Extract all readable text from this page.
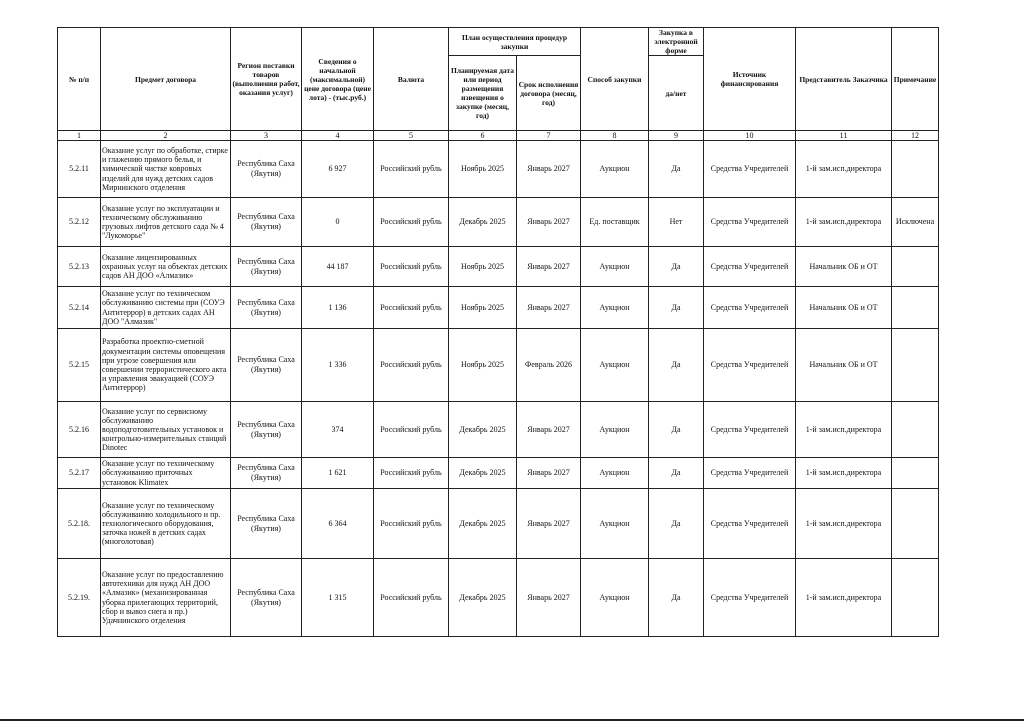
№ п/п	Предмет договора	Регион поставки товаров (выполнения работ, оказания услуг)	Сведения о начальной (максимальной) цене договора (цене лота) - (тыс.руб.)	Валюта	План осуществления процедур закупки		Способ закупки	Закупка в электронной форме	Источник финансирования	Представитель Заказчика	Примечание
					Планируемая дата или период размещения извещения о закупке (месяц, год)	Срок исполнения договора (месяц, год)		да/нет			
1	2	3	4	5	6	7	8	9	10	11	12
5.2.11	Оказание услуг по обработке, стирке и глажению прямого белья, и химической чистке ковровых изделий для нужд детских садов Мирнинского отделения	Республика Саха (Якутия)	6 927	Российский рубль	Ноябрь 2025	Январь 2027	Аукцион	Да	Средства Учредителей	1-й зам.исп.директора	
5.2.12	Оказание услуг по эксплуатации и техническому обслуживанию грузовых лифтов детского сада № 4 "Лукоморье"	Республика Саха (Якутия)	0	Российский рубль	Декабрь 2025	Январь 2027	Ед. поставщик	Нет	Средства Учредителей	1-й зам.исп.директора	Исключена
5.2.13	Оказание лицензированных охранных услуг на объектах детских садов АН ДОО «Алмазик»	Республика Саха (Якутия)	44 187	Российский рубль	Ноябрь 2025	Январь 2027	Аукцион	Да	Средства Учредителей	Начальник ОБ и ОТ	
5.2.14	Оказание услуг по техническом обслуживанию системы при (СОУЭ Антитеррор) в детских садах АН ДОО "Алмазик"	Республика Саха (Якутия)	1 136	Российский рубль	Ноябрь 2025	Январь 2027	Аукцион	Да	Средства Учредителей	Начальник ОБ и ОТ	
5.2.15	Разработка проектно-сметной документации системы оповещения при угрозе совершения или совершении террористического акта и управления эвакуацией (СОУЭ Антитеррор)	Республика Саха (Якутия)	1 336	Российский рубль	Ноябрь 2025	Февраль 2026	Аукцион	Да	Средства Учредителей	Начальник ОБ и ОТ	
5.2.16	Оказание услуг по сервисному обслуживанию водоподготовительных установок и контрольно-измерительных станций Dinotec	Республика Саха (Якутия)	374	Российский рубль	Декабрь 2025	Январь 2027	Аукцион	Да	Средства Учредителей	1-й зам.исп.директора	
5.2.17	Оказание услуг по техническому обслуживанию приточных установок Klimatex	Республика Саха (Якутия)	1 621	Российский рубль	Декабрь 2025	Январь 2027	Аукцион	Да	Средства Учредителей	1-й зам.исп.директора	
5.2.18.	Оказание услуг по техническому обслуживанию холодильного и пр. технологического оборудования, заточка ножей в детских садах (многолотовая)	Республика Саха (Якутия)	6 364	Российский рубль	Декабрь 2025	Январь 2027	Аукцион	Да	Средства Учредителей	1-й зам.исп.директора	
5.2.19.	Оказание услуг по предоставлению автотехники для нужд АН ДОО «Алмазик» (механизированная уборка прилегающих территорий, сбор и вывоз снега и пр.) Удачнинского отделения	Республика Саха (Якутия)	1 315	Российский рубль	Декабрь 2025	Январь 2027	Аукцион	Да	Средства Учредителей	1-й зам.исп.директора	
